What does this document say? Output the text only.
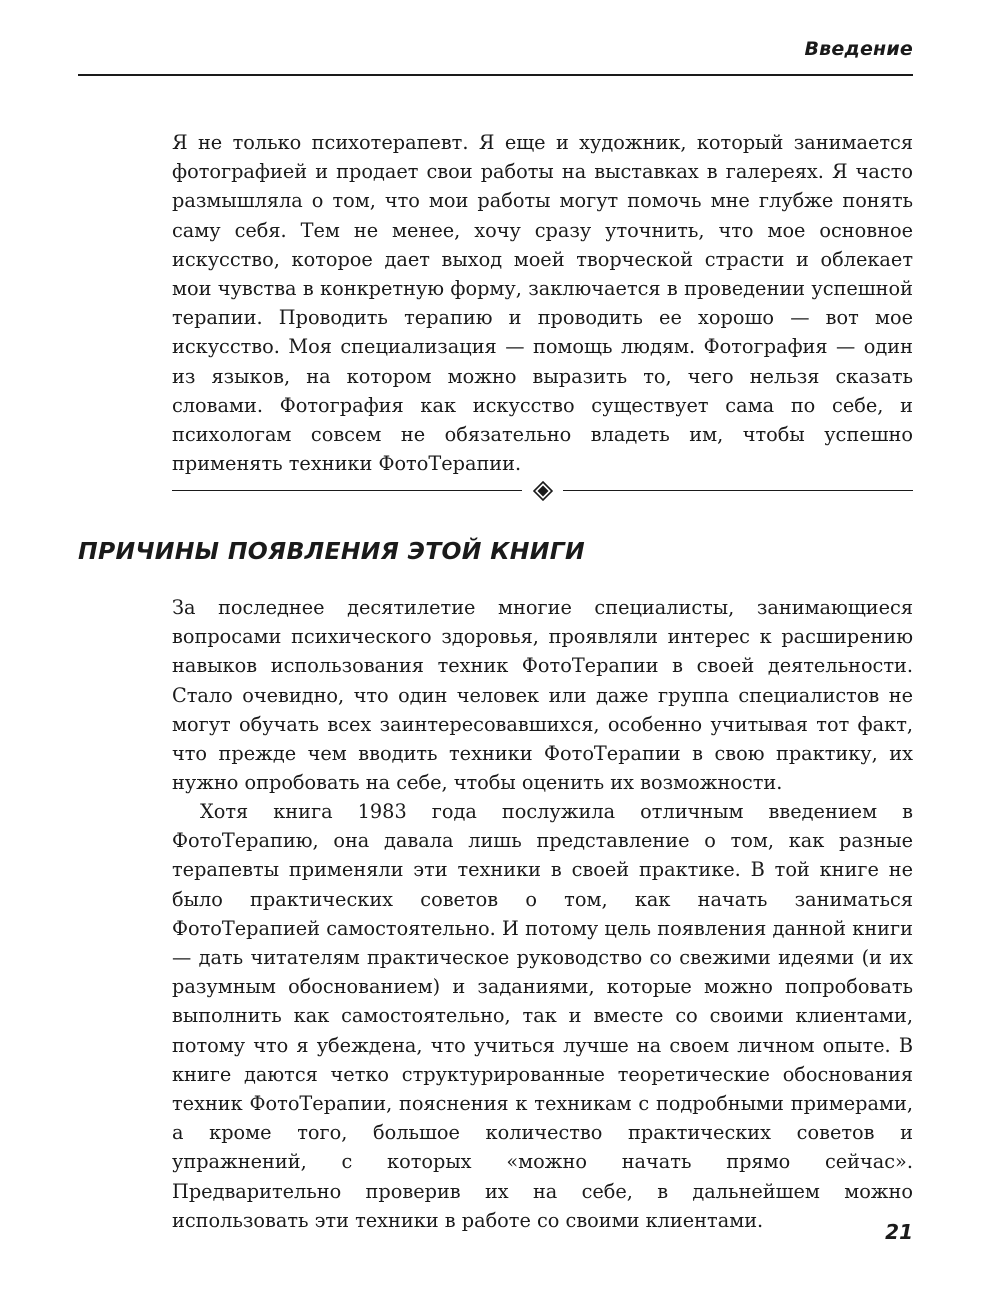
Введение

Я не только психотерапевт. Я еще и художник, который занимается фотографией и продает свои работы на выставках в галереях. Я часто размышляла о том, что мои работы могут помочь мне глубже понять саму себя. Тем не менее, хочу сразу уточнить, что мое основное искусство, которое дает выход моей творческой страсти и облекает мои чувства в конкретную форму, заключается в проведении успешной терапии. Проводить терапию и проводить ее хорошо — вот мое искусство. Моя специализация — помощь людям. Фотография — один из языков, на котором можно выразить то, чего нельзя сказать словами. Фотография как искусство существует сама по себе, и психологам совсем не обязательно владеть им, чтобы успешно применять техники ФотоТерапии.

ПРИЧИНЫ ПОЯВЛЕНИЯ ЭТОЙ КНИГИ

За последнее десятилетие многие специалисты, занимающиеся вопросами психического здоровья, проявляли интерес к расширению навыков использования техник ФотоТерапии в своей деятельности. Стало очевидно, что один человек или даже группа специалистов не могут обучать всех заинтересовавшихся, особенно учитывая тот факт, что прежде чем вводить техники ФотоТерапии в свою практику, их нужно опробовать на себе, чтобы оценить их возможности.

Хотя книга 1983 года послужила отличным введением в ФотоТерапию, она давала лишь представление о том, как разные терапевты применяли эти техники в своей практике. В той книге не было практических советов о том, как начать заниматься ФотоТерапией самостоятельно. И потому цель появления данной книги — дать читателям практическое руководство со свежими идеями (и их разумным обоснованием) и заданиями, которые можно попробовать выполнить как самостоятельно, так и вместе со своими клиентами, потому что я убеждена, что учиться лучше на своем личном опыте. В книге даются четко структурированные теоретические обоснования техник ФотоТерапии, пояснения к техникам с подробными примерами, а кроме того, большое количество практических советов и упражнений, с которых «можно начать прямо сейчас». Предварительно проверив их на себе, в дальнейшем можно использовать эти техники в работе со своими клиентами.	21
